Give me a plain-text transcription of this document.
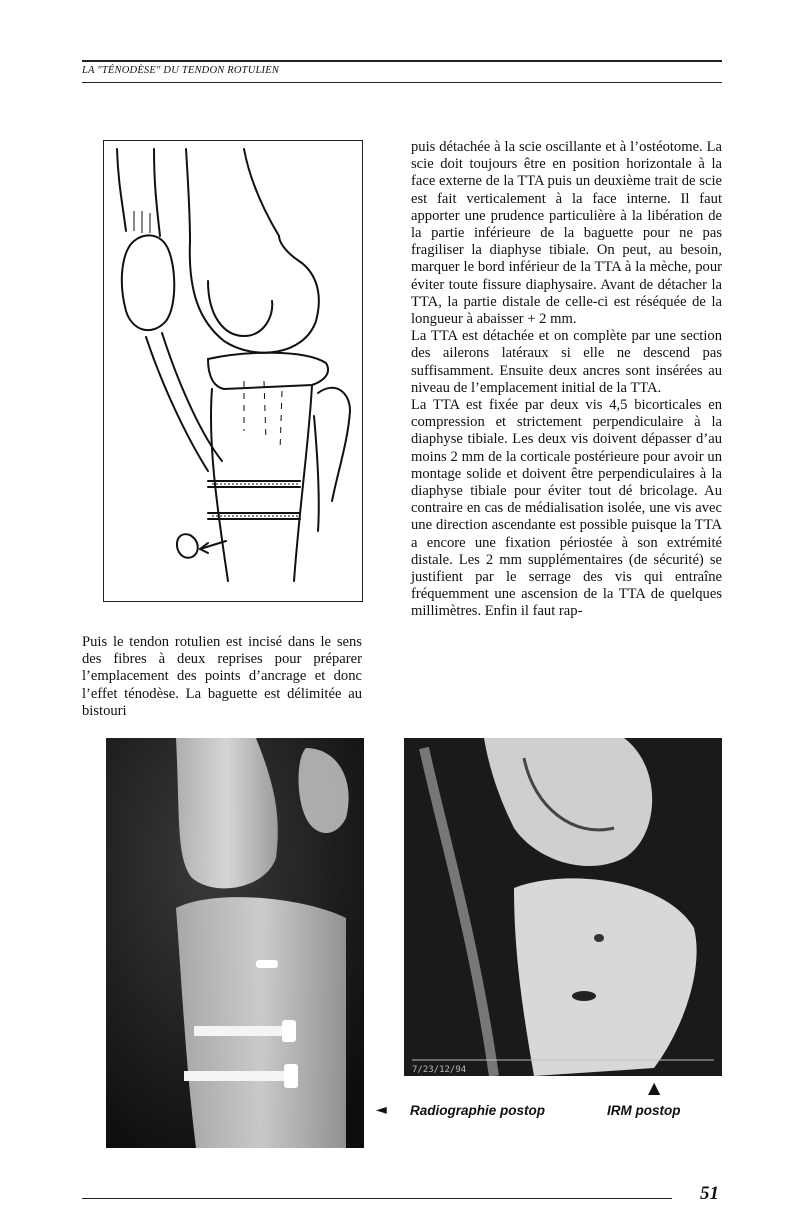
LA "TÉNODÈSE" DU TENDON ROTULIEN

Puis le tendon rotulien est incisé dans le sens des fibres à deux reprises pour préparer l’emplacement des points d’ancrage et donc l’effet ténodèse. La baguette est délimitée au bistouri

puis détachée à la scie oscillante et à l’ostéotome. La scie doit toujours être en position horizontale à la face externe de la TTA puis un deuxième trait de scie est fait verticalement à la face interne. Il faut apporter une prudence particulière à la libération de la partie inférieure de la baguette pour ne pas fragiliser la diaphyse tibiale. On peut, au besoin, marquer le bord inférieur de la TTA à la mèche, pour éviter toute fissure diaphysaire. Avant de détacher la TTA, la partie distale de celle-ci est réséquée de la longueur à abaisser + 2 mm.

La TTA est détachée et on complète par une section des ailerons latéraux si elle ne descend pas suffisamment. Ensuite deux ancres sont insérées au niveau de l’emplacement initial de la TTA.

La TTA est fixée par deux vis 4,5 bicorticales en compression et strictement perpendiculaire à la diaphyse tibiale. Les deux vis doivent dépasser d’au moins 2 mm de la corticale postérieure pour avoir un montage solide et doivent être perpendiculaires à la diaphyse tibiale pour éviter tout dé bricolage. Au contraire en cas de médialisation isolée, une vis avec une direction ascendante est possible puisque la TTA a encore une fixation périostée à son extrémité distale. Les 2 mm supplémentaires (de sécurité) se justifient par le serrage des vis qui entraîne fréquemment une ascension de la TTA de quelques millimètres. Enfin il faut rap-

7/23/12/94
▲
◄ Radiographie postop	IRM postop
51
